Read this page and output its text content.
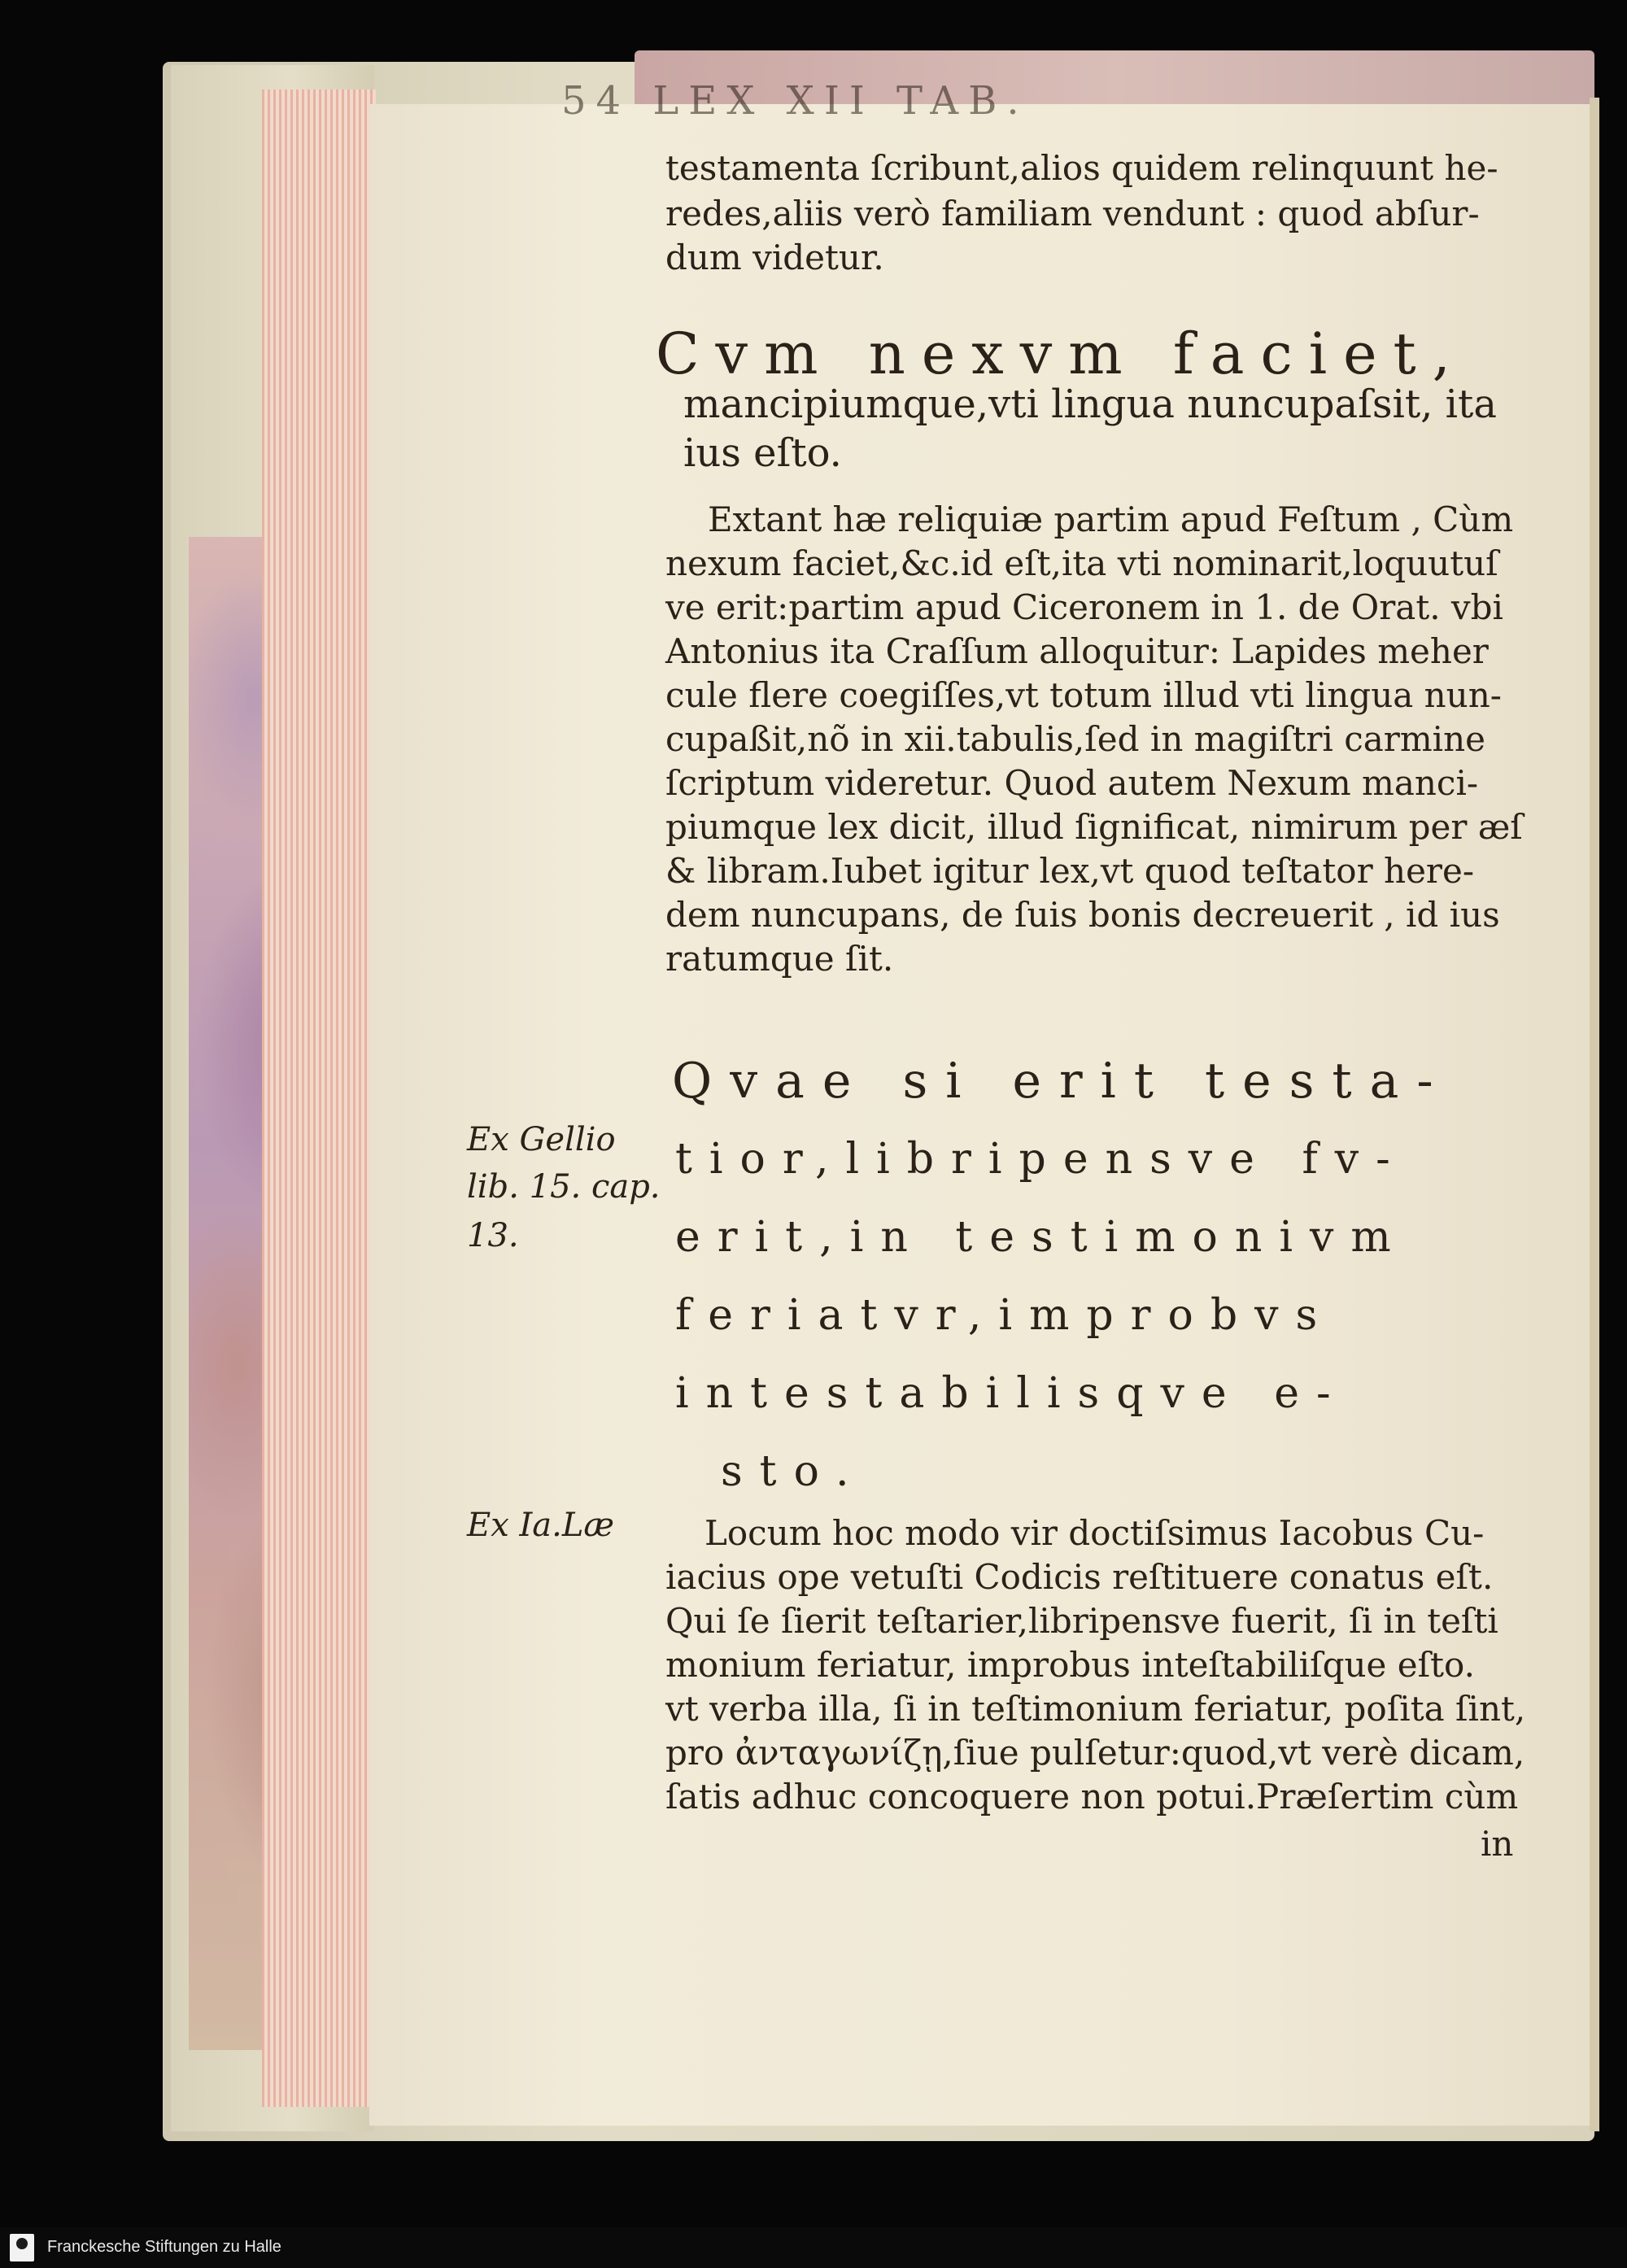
54 LEX XII TAB.
testamenta ſcribunt,alios quidem relinquunt he-
redes,aliis verò familiam vendunt : quod abſur-
dum videtur.
Cvm nexvm faciet,
mancipiumque,vti lingua nuncupaſsit, ita
ius eſto.
Extant hæ reliquiæ partim apud Feſtum , Cùm
nexum faciet,&c.id eſt,ita vti nominarit,loquutuſ
ve erit:partim apud Ciceronem in 1. de Orat. vbi
Antonius ita Craſſum alloquitur: Lapides meher
cule flere coegiſſes,vt totum illud vti lingua nun-
cupaßit,nõ in xii.tabulis,ſed in magiſtri carmine
ſcriptum videretur. Quod autem Nexum manci-
piumque lex dicit, illud ſignificat, nimirum per æſ
& libram.Iubet igitur lex,vt quod teſtator here-
dem nuncupans, de ſuis bonis decreuerit , id ius
ratumque ſit.
Qvae si erit testa-
tior,libripensve fv-
erit,in testimonivm
feriatvr,improbvs
intestabilisqve e-
sto.
Locum hoc modo vir doctiſsimus Iacobus Cu-
iacius ope vetuſti Codicis reſtituere conatus eſt.
Qui ſe ſierit teſtarier,libripensve fuerit, ſi in teſti
monium feriatur, improbus inteſtabiliſque eſto.
vt verba illa, ſi in teſtimonium feriatur, poſita ſint,
pro ἀνταγωνίζῃ,ſiue pulſetur:quod,vt verè dicam,
ſatis adhuc concoquere non potui.Præſertim cùm
in
Ex Gellio
lib. 15. cap.
13.
Ex Ia.Læ
Franckesche Stiftungen zu Halle
